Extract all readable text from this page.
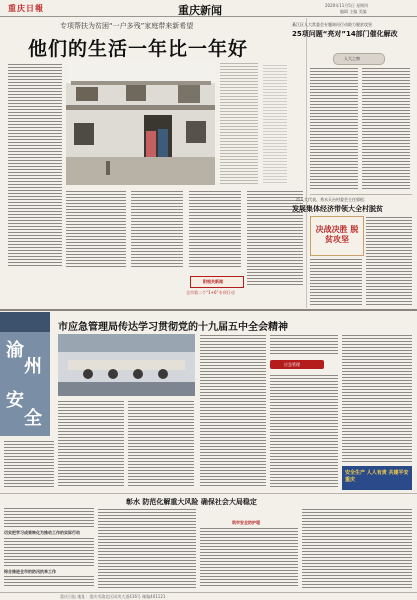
重庆日報	重庆新闻	2020年11月5日 星期四
编辑 主编 美编
专项帮扶为贫困“一户多残”家庭带来新希望
他们的生活一年比一年好
附相关新闻
全市第二个“1+6”专项行动
綦江区人大常委会专题询问行动助力脱贫攻坚
25项问题“亮对”14部门催化解改
人大之窗
市人大代表、秀水天台村委会主任郭松：
发展集体经济带领大全村脱贫
决战决胜 脱贫攻坚
渝
州
安
全
市应急管理局传达学习贯彻党的十九届五中全会精神
应急管理
安全生产 人人有责 共建平安重庆
彰水 防范化解重大风险 确保社会大局稳定
切实把学习成果转化为推动工作的实际行动
综合推进全市的防汛抗旱工作
筑牢安全防护堤
重庆日报 地址：重庆市渝北区同茂大道416号 邮编401121
